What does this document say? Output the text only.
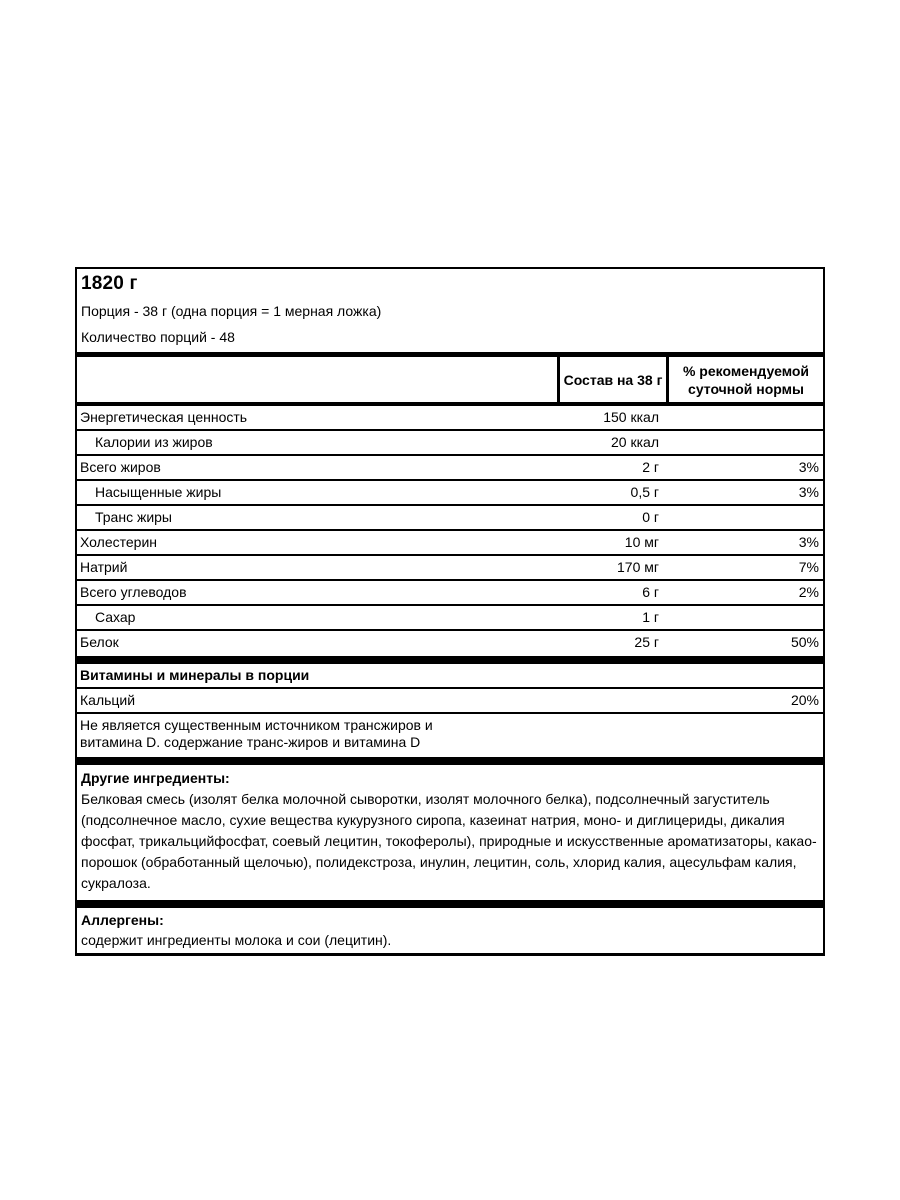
1820 г
Порция - 38 г (одна порция = 1 мерная ложка)
Количество порций - 48
Состав на 38 г
% рекомендуемой суточной нормы
Энергетическая ценность	150 ккал
Калории из жиров	20 ккал
Всего жиров	2 г	3%
Насыщенные жиры	0,5 г	3%
Транс жиры	0 г
Холестерин	10 мг	3%
Натрий	170 мг	7%
Всего углеводов	6 г	2%
Сахар	1 г
Белок	25 г	50%
Витамины и минералы в порции
Кальций	20%
Не является существенным источником трансжиров и
витамина D. содержание транс-жиров и витамина D
Другие ингредиенты:
Белковая смесь (изолят белка молочной сыворотки, изолят молочного белка), подсолнечный загуститель (подсолнечное масло, сухие вещества кукурузного сиропа, казеинат натрия, моно- и диглицериды, дикалия фосфат, трикальцийфосфат, соевый лецитин, токоферолы), природные и искусственные ароматизаторы, какао-порошок (обработанный щелочью), полидекстроза, инулин, лецитин, соль, хлорид калия, ацесульфам калия, сукралоза.
Аллергены:
содержит ингредиенты молока и сои (лецитин).
